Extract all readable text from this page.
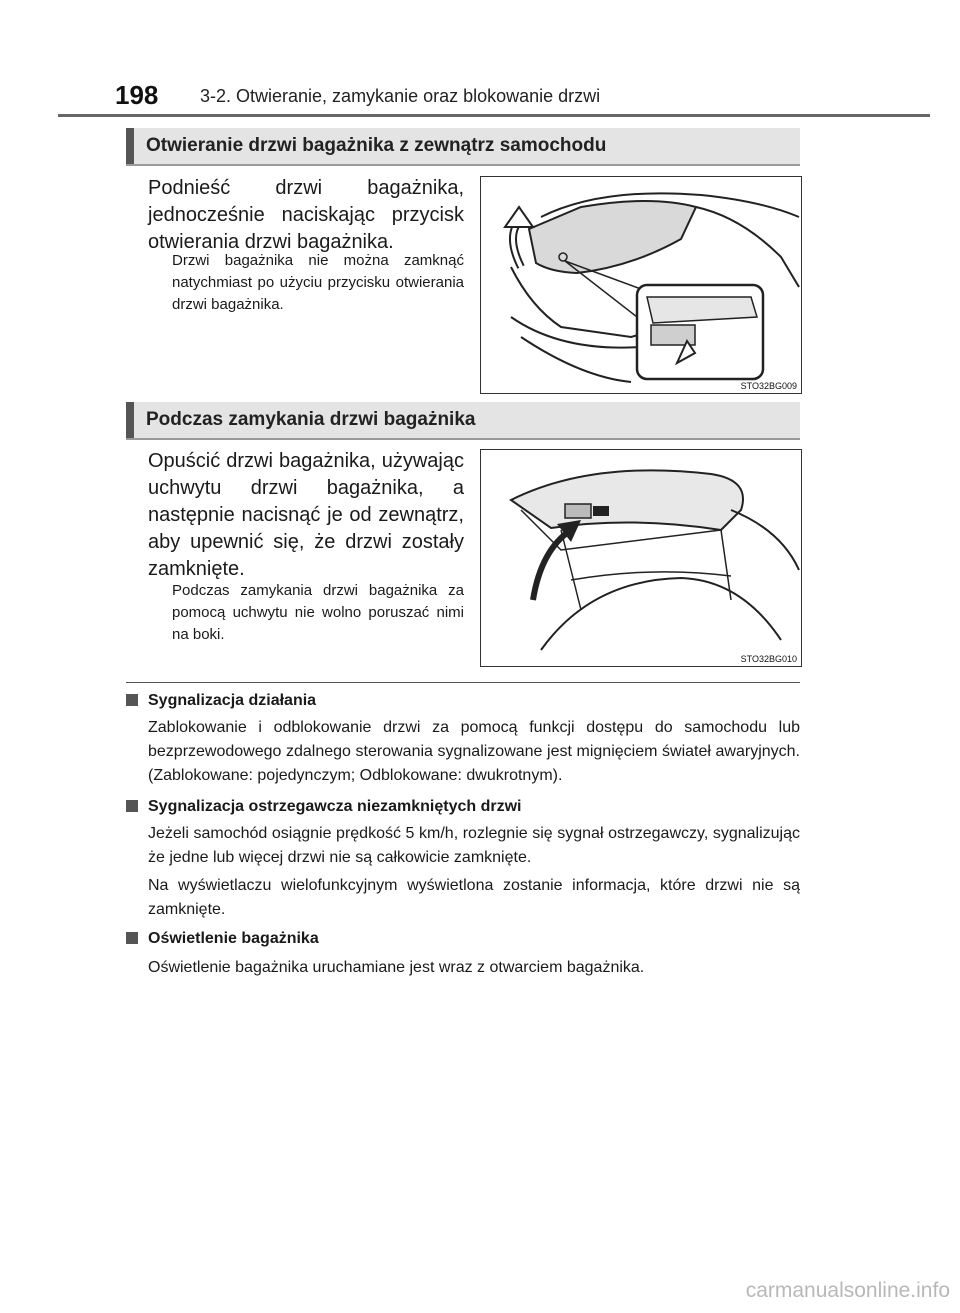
198 3-2. Otwieranie, zamykanie oraz blokowanie drzwi
Otwieranie drzwi bagażnika z zewnątrz samochodu
Podnieść drzwi bagażnika, jednocześnie naciskając przycisk otwierania drzwi bagażnika.
Drzwi bagażnika nie można zamknąć natychmiast po użyciu przycisku otwierania drzwi bagażnika.
STO32BG009
Podczas zamykania drzwi bagażnika
Opuścić drzwi bagażnika, używając uchwytu drzwi bagażnika, a następnie nacisnąć je od zewnątrz, aby upewnić się, że drzwi zostały zamknięte.
Podczas zamykania drzwi bagażnika za pomocą uchwytu nie wolno poruszać nimi na boki.
STO32BG010
Sygnalizacja działania
Zablokowanie i odblokowanie drzwi za pomocą funkcji dostępu do samochodu lub bezprzewodowego zdalnego sterowania sygnalizowane jest mignięciem świateł awaryjnych. (Zablokowane: pojedynczym; Odblokowane: dwukrotnym).
Sygnalizacja ostrzegawcza niezamkniętych drzwi
Jeżeli samochód osiągnie prędkość 5 km/h, rozlegnie się sygnał ostrzegawczy, sygnalizując że jedne lub więcej drzwi nie są całkowicie zamknięte.
Na wyświetlaczu wielofunkcyjnym wyświetlona zostanie informacja, które drzwi nie są zamknięte.
Oświetlenie bagażnika
Oświetlenie bagażnika uruchamiane jest wraz z otwarciem bagażnika.
carmanualsonline.info
